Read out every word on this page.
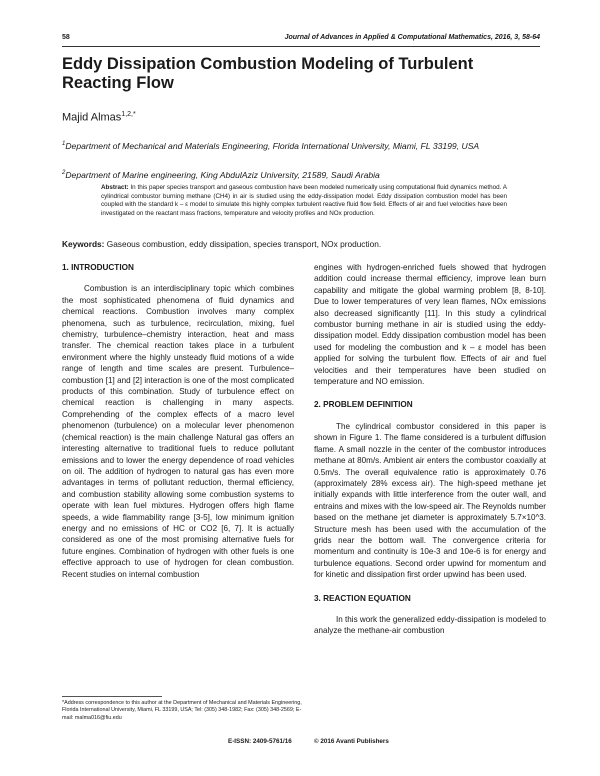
58	Journal of Advances in Applied & Computational Mathematics, 2016, 3, 58-64
Eddy Dissipation Combustion Modeling of Turbulent Reacting Flow
Majid Almas$^{1,2,*}$
$^1$Department of Mechanical and Materials Engineering, Florida International University, Miami, FL 33199, USA
$^2$Department of Marine engineering, King AbdulAziz University, 21589, Saudi Arabia
Abstract: In this paper species transport and gaseous combustion have been modeled numerically using computational fluid dynamics method. A cylindrical combustor burning methane (CH4) in air is studied using the eddy-dissipation model. Eddy dissipation combustion model has been coupled with the standard k – ε model to simulate this highly complex turbulent reactive fluid flow field. Effects of air and fuel velocities have been investigated on the reactant mass fractions, temperature and velocity profiles and NOx production.
Keywords: Gaseous combustion, eddy dissipation, species transport, NOx production.
1. INTRODUCTION

Combustion is an interdisciplinary topic which combines the most sophisticated phenomena of fluid dynamics and chemical reactions. Combustion involves many complex phenomena, such as turbulence, recirculation, mixing, fuel chemistry, turbulence–chemistry interaction, heat and mass transfer. The chemical reaction takes place in a turbulent environment where the highly unsteady fluid motions of a wide range of length and time scales are present. Turbulence–combustion [1] and [2] interaction is one of the most complicated products of this combination. Study of turbulence effect on chemical reaction is challenging in many aspects. Comprehending of the complex effects of a macro level phenomenon (turbulence) on a molecular lever phenomenon (chemical reaction) is the main challenge Natural gas offers an interesting alternative to traditional fuels to reduce pollutant emissions and to lower the energy dependence of road vehicles on oil. The addition of hydrogen to natural gas has even more advantages in terms of pollutant reduction, thermal efficiency, and combustion stability allowing some combustion systems to operate with lean fuel mixtures. Hydrogen offers high flame speeds, a wide flammability range [3-5], low minimum ignition energy and no emissions of HC or CO2 [6, 7]. It is actually considered as one of the most promising alternative fuels for future engines. Combination of hydrogen with other fuels is one effective approach to use of hydrogen for clean combustion. Recent studies on internal combustion

engines with hydrogen-enriched fuels showed that hydrogen addition could increase thermal efficiency, improve lean burn capability and mitigate the global warming problem [8, 8-10]. Due to lower temperatures of very lean flames, NOx emissions also decreased significantly [11]. In this study a cylindrical combustor burning methane in air is studied using the eddy-dissipation model. Eddy dissipation combustion model has been used for modeling the combustion and k – ε model has been applied for solving the turbulent flow. Effects of air and fuel velocities and their temperatures have been studied on temperature and NO emission.

2. PROBLEM DEFINITION

The cylindrical combustor considered in this paper is shown in Figure 1. The flame considered is a turbulent diffusion flame. A small nozzle in the center of the combustor introduces methane at 80m/s. Ambient air enters the combustor coaxially at 0.5m/s. The overall equivalence ratio is approximately 0.76 (approximately 28% excess air). The high-speed methane jet initially expands with little interference from the outer wall, and entrains and mixes with the low-speed air. The Reynolds number based on the methane jet diameter is approximately 5.7×10^3. Structure mesh has been used with the accumulation of the grids near the bottom wall. The convergence criteria for momentum and continuity is 10e-3 and 10e-6 is for energy and turbulence equations. Second order upwind for momentum and for kinetic and dissipation first order upwind has been used.

3. REACTION EQUATION

In this work the generalized eddy-dissipation is modeled to analyze the methane-air combustion

*Address correspondence to this author at the Department of Mechanical and Materials Engineering, Florida International University, Miami, FL 33199, USA; Tel: (305) 348-1982; Fax: (305) 348-2569; E-mail: malma016@fiu.edu
E-ISSN: 2409-5761/16	© 2016 Avanti Publishers
